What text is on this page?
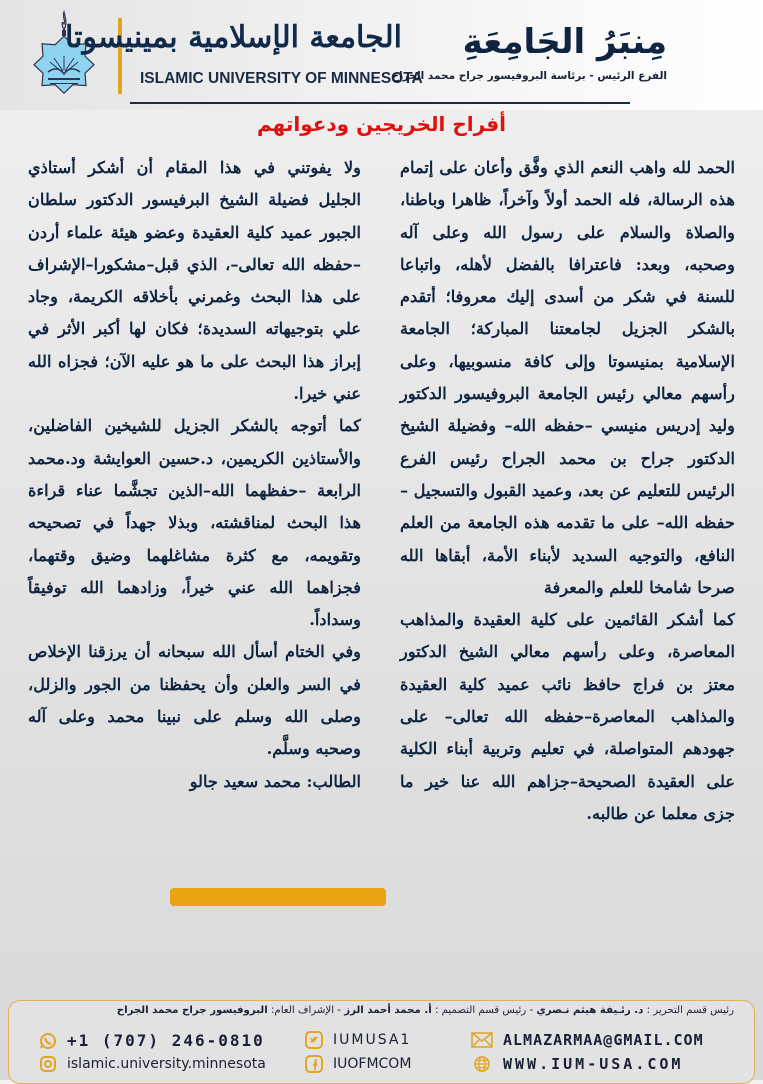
الجامعة الإسلامية بمينيسوتا
ISLAMIC UNIVERSITY OF MINNESOTA
مِنبَرُ الجَامِعَةِ
الفرع الرئيس - برئاسة البروفيسور جراح محمد الجراح
أفراح الخريجين ودعواتهم

الحمد لله واهب النعم الذي وفَّق وأعان على إتمام هذه الرسالة، فله الحمد أولاً وآخراً، ظاهرا وباطنا، والصلاة والسلام على رسول الله وعلى آله وصحبه، وبعد: فاعترافا بالفضل لأهله، واتباعا للسنة في شكر من أسدى إليك معروفا؛ أتقدم بالشكر الجزيل لجامعتنا المباركة؛ الجامعة الإسلامية بمنيسوتا وإلى كافة منسوبيها، وعلى رأسهم معالي رئيس الجامعة البروفيسور الدكتور وليد إدريس منيسي –حفظه الله– وفضيلة الشيخ الدكتور جراح بن محمد الجراح رئيس الفرع الرئيس للتعليم عن بعد، وعميد القبول والتسجيل –حفظه الله– على ما تقدمه هذه الجامعة من العلم النافع، والتوجيه السديد لأبناء الأمة، أبقاها الله صرحا شامخا للعلم والمعرفة

كما أشكر القائمين على كلية العقيدة والمذاهب المعاصرة، وعلى رأسهم معالي الشيخ الدكتور معتز بن فراج حافظ نائب عميد كلية العقيدة والمذاهب المعاصرة–حفظه الله تعالى– على جهودهم المتواصلة، في تعليم وتربية أبناء الكلية على العقيدة الصحيحة–جزاهم الله عنا خير ما جزى معلما عن طالبه.

ولا يفوتني في هذا المقام أن أشكر أستاذي الجليل فضيلة الشيخ البرفيسور الدكتور سلطان الجبور عميد كلية العقيدة وعضو هيئة علماء أردن –حفظه الله تعالى–، الذي قبل–مشكورا–الإشراف على هذا البحث وغمرني بأخلاقه الكريمة، وجاد علي بتوجيهاته السديدة؛ فكان لها أكبر الأثر في إبراز هذا البحث على ما هو عليه الآن؛ فجزاه الله عني خيرا.

كما أتوجه بالشكر الجزيل للشيخين الفاضلين، والأستاذين الكريمين، د.حسين العوايشة ود.محمد الرابعة –حفظهما الله–الذين تجشَّما عناء قراءة هذا البحث لمناقشته، وبذلا جهداً في تصحيحه وتقويمه، مع كثرة مشاغلهما وضيق وقتهما، فجزاهما الله عني خيراً، وزادهما الله توفيقاً وسداداً.

وفي الختام أسأل الله سبحانه أن يرزقنا الإخلاص في السر والعلن وأن يحفظنا من الجور والزلل، وصلى الله وسلم على نبينا محمد وعلى آله وصحبه وسلَّم.

الطالب: محمد سعيد جالو

رئيس قسم التحرير : د. رئـيفة هيثم نـصري - رئيس قسم التصميم : أ. محمد أحمد الرز - الإشراف العام: البروفيسور جراح محمد الجراح
+1 (707) 246-0810
islamic.university.minnesota
IUMUSA1
IUOFMCOM
ALMAZARMAA@GMAIL.COM
WWW.IUM-USA.COM
